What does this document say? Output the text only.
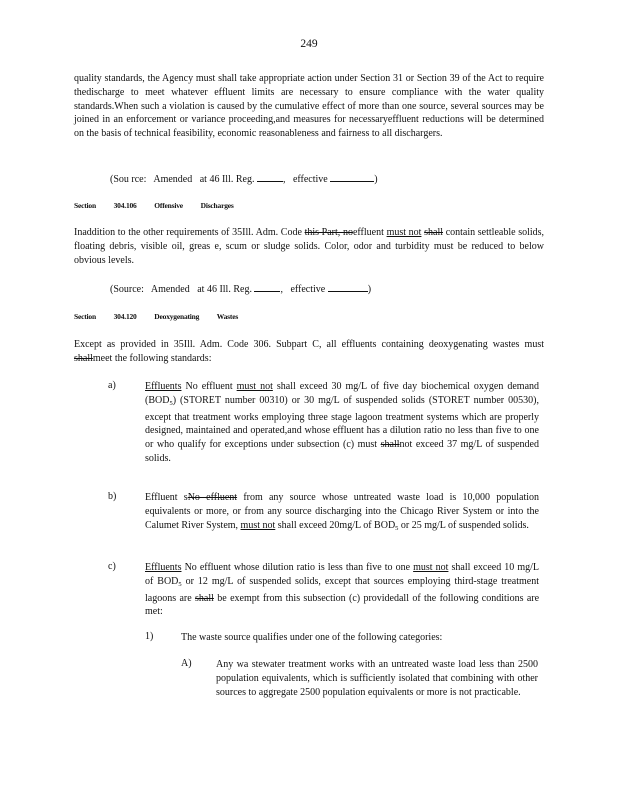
249
quality standards, the Agency must shall take appropriate action under Section 31 or Section 39 of the Act to require thedischarge to meet whatever effluent limits are necessary to ensure compliance with the water quality standards.When such a violation is caused by the cumulative effect of more than one source, several sources may be joined in an enforcement or variance proceeding,and measures for necessaryeffluent reductions will be determined on the basis of technical feasibility, economic reasonableness and fairness to all dischargers.
(Sou rce: Amended at 46 Ill. Reg.	,   effective	)
Section 304.106 Offensive Discharges
Inaddition to the other requirements of 35Ill. Adm. Code this Part, noeffluent must not shall contain settleable solids, floating debris, visible oil, greas e, scum or sludge solids. Color, odor and turbidity must be reduced to below obvious levels.
(Source: Amended at 46 Ill. Reg.	,   effective	)
Section 304.120 Deoxygenating Wastes
Except as provided in 35Ill. Adm. Code 306. Subpart C, all effluents containing deoxygenating wastes must shallmeet the following standards:
a)	Effluents No effluent must not shall exceed 30 mg/L of five day biochemical oxygen demand $(BOD_5)$ (STORET number 00310) or 30 mg/L of suspended solids (STORET number 00530), except that treatment works employing three stage lagoon treatment systems which are properly designed, maintained and operated,and whose effluent has a dilution ratio no less than five to one or who qualify for exceptions under subsection (c) must shallnot exceed 37 mg/L of suspended solids.
b)	Effluent sNo effluent from any source whose untreated waste load is 10,000 population equivalents or more, or from any source discharging into the Chicago River System or into the Calumet River System, must not shall exceed 20mg/L of $BOD_5$ or 25 mg/L of suspended solids.
c)	Effluents No effluent whose dilution ratio is less than five to one must not shall exceed 10 mg/L of $BOD_5$ or 12 mg/L of suspended solids, except that sources employing third-stage treatment lagoons are shall be exempt from this subsection (c) providedall of the following conditions are met:
1)	The waste source qualifies under one of the following categories:
A) Any wa stewater treatment works with an untreated waste load less than 2500 population equivalents, which is sufficiently isolated that combining with other sources to aggregate 2500 population equivalents or more is not practicable.
